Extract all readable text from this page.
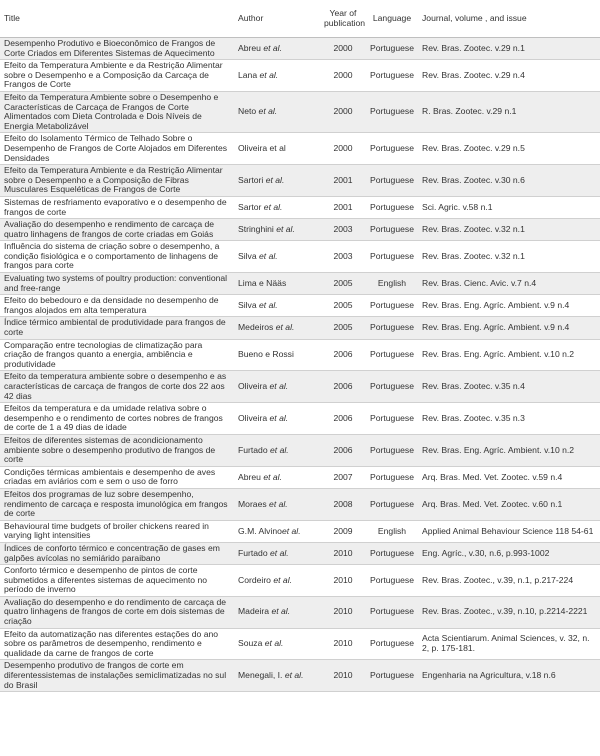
Title	Author	Year of publication	Language	Journal, volume , and issue
Desempenho Produtivo e Bioeconômico de Frangos de Corte Criados em Diferentes Sistemas de Aquecimento	Abreu et al.	2000	Portuguese	Rev. Bras. Zootec. v.29 n.1
Efeito da Temperatura Ambiente e da Restrição Alimentar sobre o Desempenho e a Composição da Carcaça de Frangos de Corte	Lana et al.	2000	Portuguese	Rev. Bras. Zootec. v.29 n.4
Efeito da Temperatura Ambiente sobre o Desempenho e Características de Carcaça de Frangos de Corte Alimentados com Dieta Controlada e Dois Níveis de Energia Metabolizável	Neto et al.	2000	Portuguese	R. Bras. Zootec. v.29 n.1
Efeito do Isolamento Térmico de Telhado Sobre o Desempenho de Frangos de Corte Alojados em Diferentes Densidades	Oliveira et al	2000	Portuguese	Rev. Bras. Zootec. v.29 n.5
Efeito da Temperatura Ambiente e da Restrição Alimentar sobre o Desempenho e a Composição de Fibras Musculares Esqueléticas de Frangos de Corte	Sartori et al.	2001	Portuguese	Rev. Bras. Zootec. v.30 n.6
Sistemas de resfriamento evaporativo e o desempenho de frangos de corte	Sartor et al.	2001	Portuguese	Sci. Agric. v.58 n.1
Avaliação do desempenho e rendimento de carcaça de quatro linhagens de frangos de corte criadas em Goiás	Stringhini et al.	2003	Portuguese	Rev. Bras. Zootec. v.32 n.1
Influência do sistema de criação sobre o desempenho, a condição fisiológica e o comportamento de linhagens de frangos para corte	Silva et al.	2003	Portuguese	Rev. Bras. Zootec. v.32 n.1
Evaluating two systems of poultry production: conventional and free-range	Lima e Nääs	2005	English	Rev. Bras. Cienc. Avic. v.7 n.4
Efeito do bebedouro e da densidade no desempenho de frangos alojados em alta temperatura	Silva et al.	2005	Portuguese	Rev. Bras. Eng. Agríc. Ambient. v.9 n.4
Índice térmico ambiental de produtividade para frangos de corte	Medeiros et al.	2005	Portuguese	Rev. Bras. Eng. Agríc. Ambient. v.9 n.4
Comparação entre tecnologias de climatização para criação de frangos quanto a energia, ambiência e produtividade	Bueno e Rossi	2006	Portuguese	Rev. Bras. Eng. Agríc. Ambient. v.10 n.2
Efeito da temperatura ambiente sobre o desempenho e as características de carcaça de frangos de corte dos 22 aos 42 dias	Oliveira et al.	2006	Portuguese	Rev. Bras. Zootec. v.35 n.4
Efeitos da temperatura e da umidade relativa sobre o desempenho e o rendimento de cortes nobres de frangos de corte de 1 a 49 dias de idade	Oliveira et al.	2006	Portuguese	Rev. Bras. Zootec. v.35 n.3
Efeitos de diferentes sistemas de acondicionamento ambiente sobre o desempenho produtivo de frangos de corte	Furtado et al.	2006	Portuguese	Rev. Bras. Eng. Agríc. Ambient. v.10 n.2
Condições térmicas ambientais e desempenho de aves criadas em aviários com e sem o uso de forro	Abreu et al.	2007	Portuguese	Arq. Bras. Med. Vet. Zootec. v.59 n.4
Efeitos dos programas de luz sobre desempenho, rendimento de carcaça e resposta imunológica em frangos de corte	Moraes et al.	2008	Portuguese	Arq. Bras. Med. Vet. Zootec. v.60 n.1
Behavioural time budgets of broiler chickens reared in varying light intensities	G.M. Alvinoet al.	2009	English	Applied Animal Behaviour Science 118 54-61
Índices de conforto térmico e concentração de gases em galpões avícolas no semiárido paraibano	Furtado et al.	2010	Portuguese	Eng. Agríc., v.30, n.6, p.993-1002
Conforto térmico e desempenho de pintos de corte submetidos a diferentes sistemas de aquecimento no período de inverno	Cordeiro et al.	2010	Portuguese	Rev. Bras. Zootec., v.39, n.1, p.217-224
Avaliação do desempenho e do rendimento de carcaça de quatro linhagens de frangos de corte em dois sistemas de criação	Madeira et al.	2010	Portuguese	Rev. Bras. Zootec., v.39, n.10, p.2214-2221
Efeito da automatização nas diferentes estações do ano sobre os parâmetros de desempenho, rendimento e qualidade da carne de frangos de corte	Souza et al.	2010	Portuguese	Acta Scientiarum. Animal Sciences, v. 32, n. 2, p. 175-181.
Desempenho produtivo de frangos de corte em diferentessistemas de instalações semiclimatizadas no sul do Brasil	Menegali, I. et al.	2010	Portuguese	Engenharia na Agricultura, v.18 n.6
